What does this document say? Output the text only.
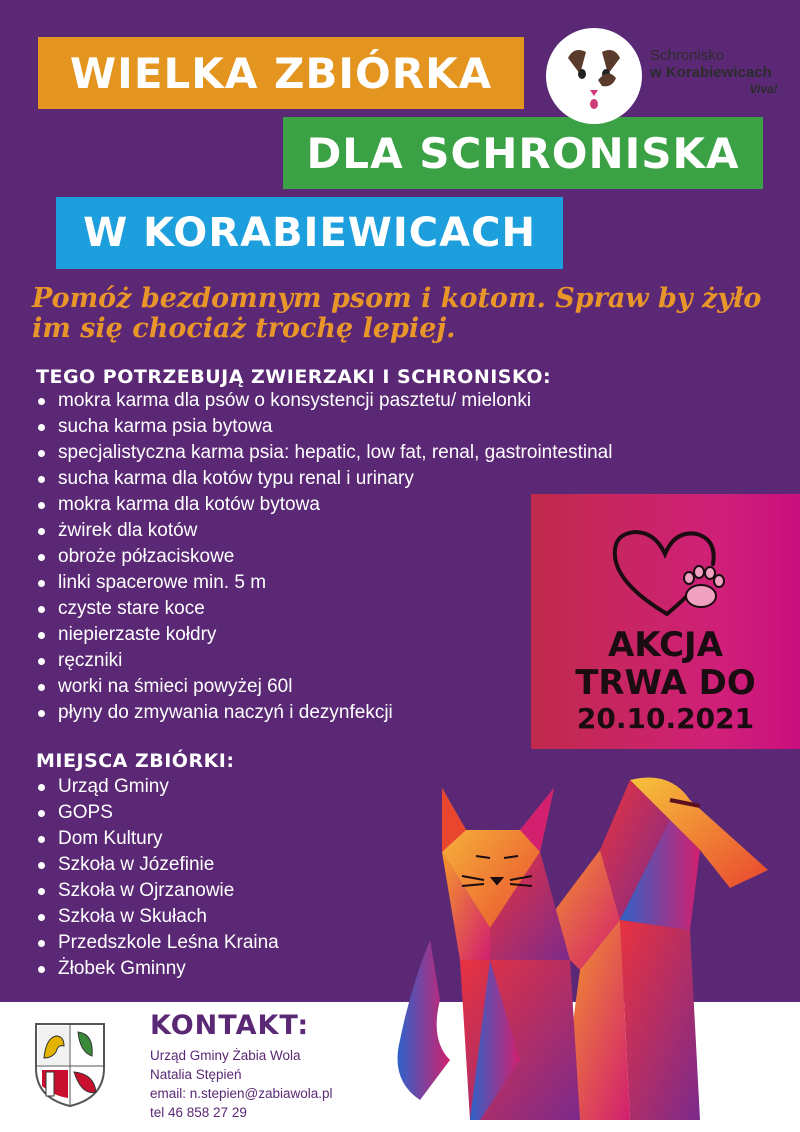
WIELKA ZBIÓRKA
DLA SCHRONISKA
W KORABIEWICACH
Schronisko
w Korabiewicach
Viva!
Pomóż bezdomnym psom i kotom. Spraw by żyło im się chociaż trochę lepiej.
TEGO POTRZEBUJĄ ZWIERZAKI I SCHRONISKO:
mokra karma dla psów o konsystencji pasztetu/ mielonki
sucha karma psia bytowa
specjalistyczna karma psia: hepatic, low fat, renal, gastrointestinal
sucha karma dla kotów typu renal i urinary
mokra karma dla kotów bytowa
żwirek dla kotów
obroże półzaciskowe
linki spacerowe min. 5 m
czyste stare koce
niepierzaste kołdry
ręczniki
worki na śmieci powyżej 60l
płyny do zmywania naczyń i dezynfekcji
MIEJSCA ZBIÓRKI:
Urząd Gminy
GOPS
Dom Kultury
Szkoła w Józefinie
Szkoła w Ojrzanowie
Szkoła w Skułach
Przedszkole Leśna Kraina
Żłobek Gminny
AKCJA
TRWA DO
20.10.2021
KONTAKT:
Urząd Gminy Żabia Wola
Natalia Stępień
email: n.stepien@zabiawola.pl
tel 46 858 27 29
